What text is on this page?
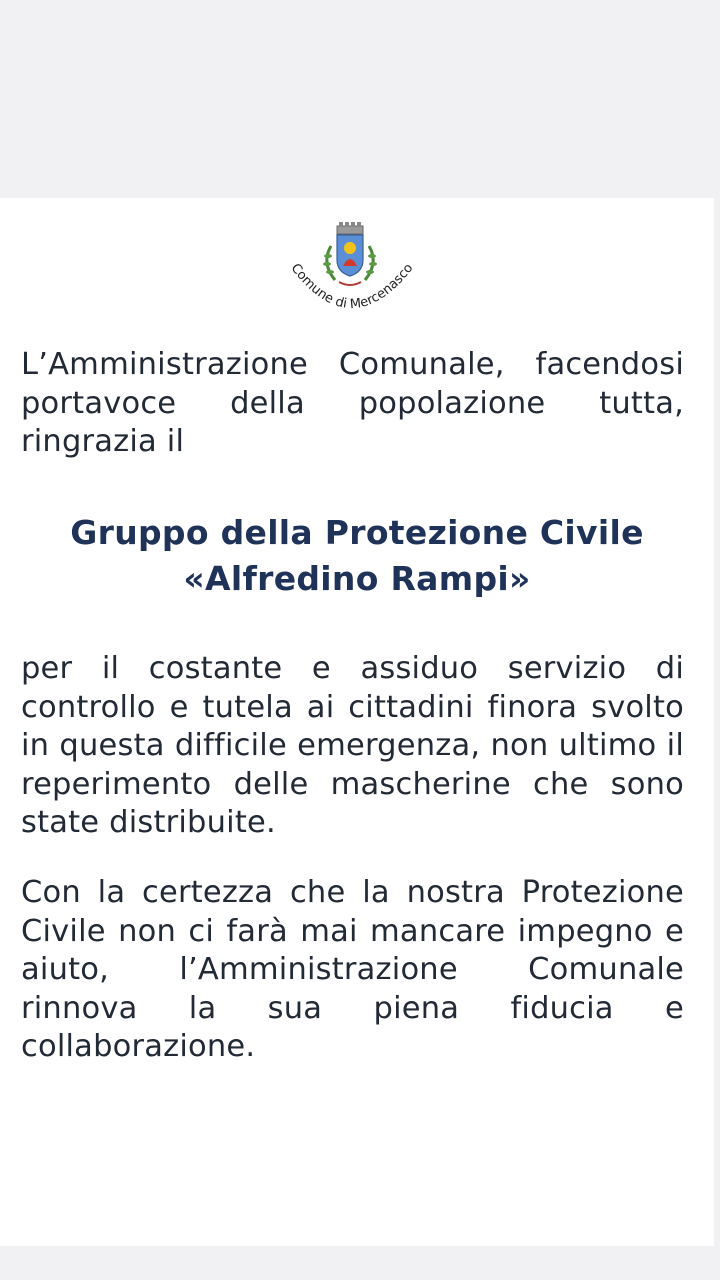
Comune di Mercenasco

L’Amministrazione Comunale, facendosi portavoce della popolazione tutta, ringrazia il

Gruppo della Protezione Civile
«Alfredino Rampi»

per il costante e assiduo servizio di controllo e tutela ai cittadini finora svolto in questa difficile emergenza, non ultimo il reperimento delle mascherine che sono state distribuite.

Con la certezza che la nostra Protezione Civile non ci farà mai mancare impegno e aiuto, l’Amministrazione Comunale rinnova la sua piena fiducia e collaborazione.
